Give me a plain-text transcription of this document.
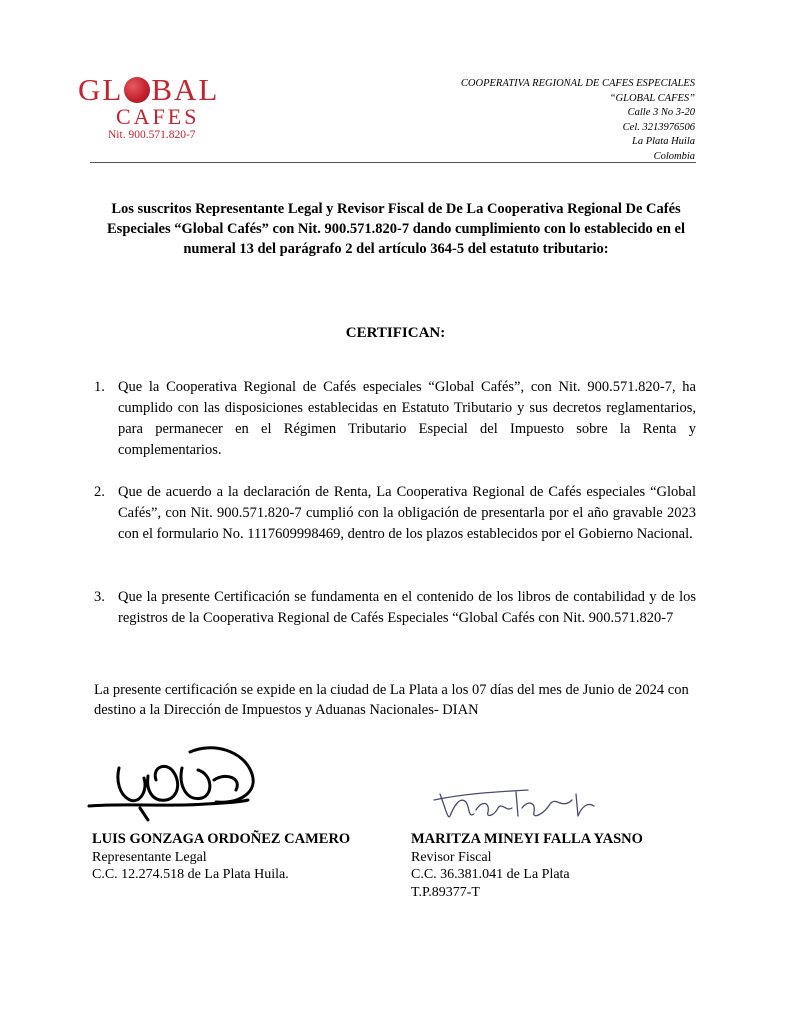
GL BAL
CAFES
Nit. 900.571.820-7
COOPERATIVA REGIONAL DE CAFES ESPECIALES
“GLOBAL CAFES”
Calle 3 No 3-20
Cel. 3213976506
La Plata Huila
Colombia
Los suscritos Representante Legal y Revisor Fiscal de De La Cooperativa Regional De Cafés Especiales “Global Cafés” con Nit. 900.571.820-7 dando cumplimiento con lo establecido en el numeral 13 del parágrafo 2 del artículo 364-5 del estatuto tributario:
CERTIFICAN:
1. Que la Cooperativa Regional de Cafés especiales “Global Cafés”, con Nit. 900.571.820-7, ha cumplido con las disposiciones establecidas en Estatuto Tributario y sus decretos reglamentarios, para permanecer en el Régimen Tributario Especial del Impuesto sobre la Renta y complementarios.
2. Que de acuerdo a la declaración de Renta, La Cooperativa Regional de Cafés especiales “Global Cafés”, con Nit. 900.571.820-7 cumplió con la obligación de presentarla por el año gravable 2023 con el formulario No. 1117609998469, dentro de los plazos establecidos por el Gobierno Nacional.
3. Que la presente Certificación se fundamenta en el contenido de los libros de contabilidad y de los registros de la Cooperativa Regional de Cafés Especiales “Global Cafés con Nit. 900.571.820-7
La presente certificación se expide en la ciudad de La Plata a los 07 días del mes de Junio de 2024 con destino a la Dirección de Impuestos y Aduanas Nacionales- DIAN
LUIS GONZAGA ORDOÑEZ CAMERO
Representante Legal
C.C. 12.274.518 de La Plata Huila.
MARITZA MINEYI FALLA YASNO
Revisor Fiscal
C.C. 36.381.041 de La Plata
T.P.89377-T
